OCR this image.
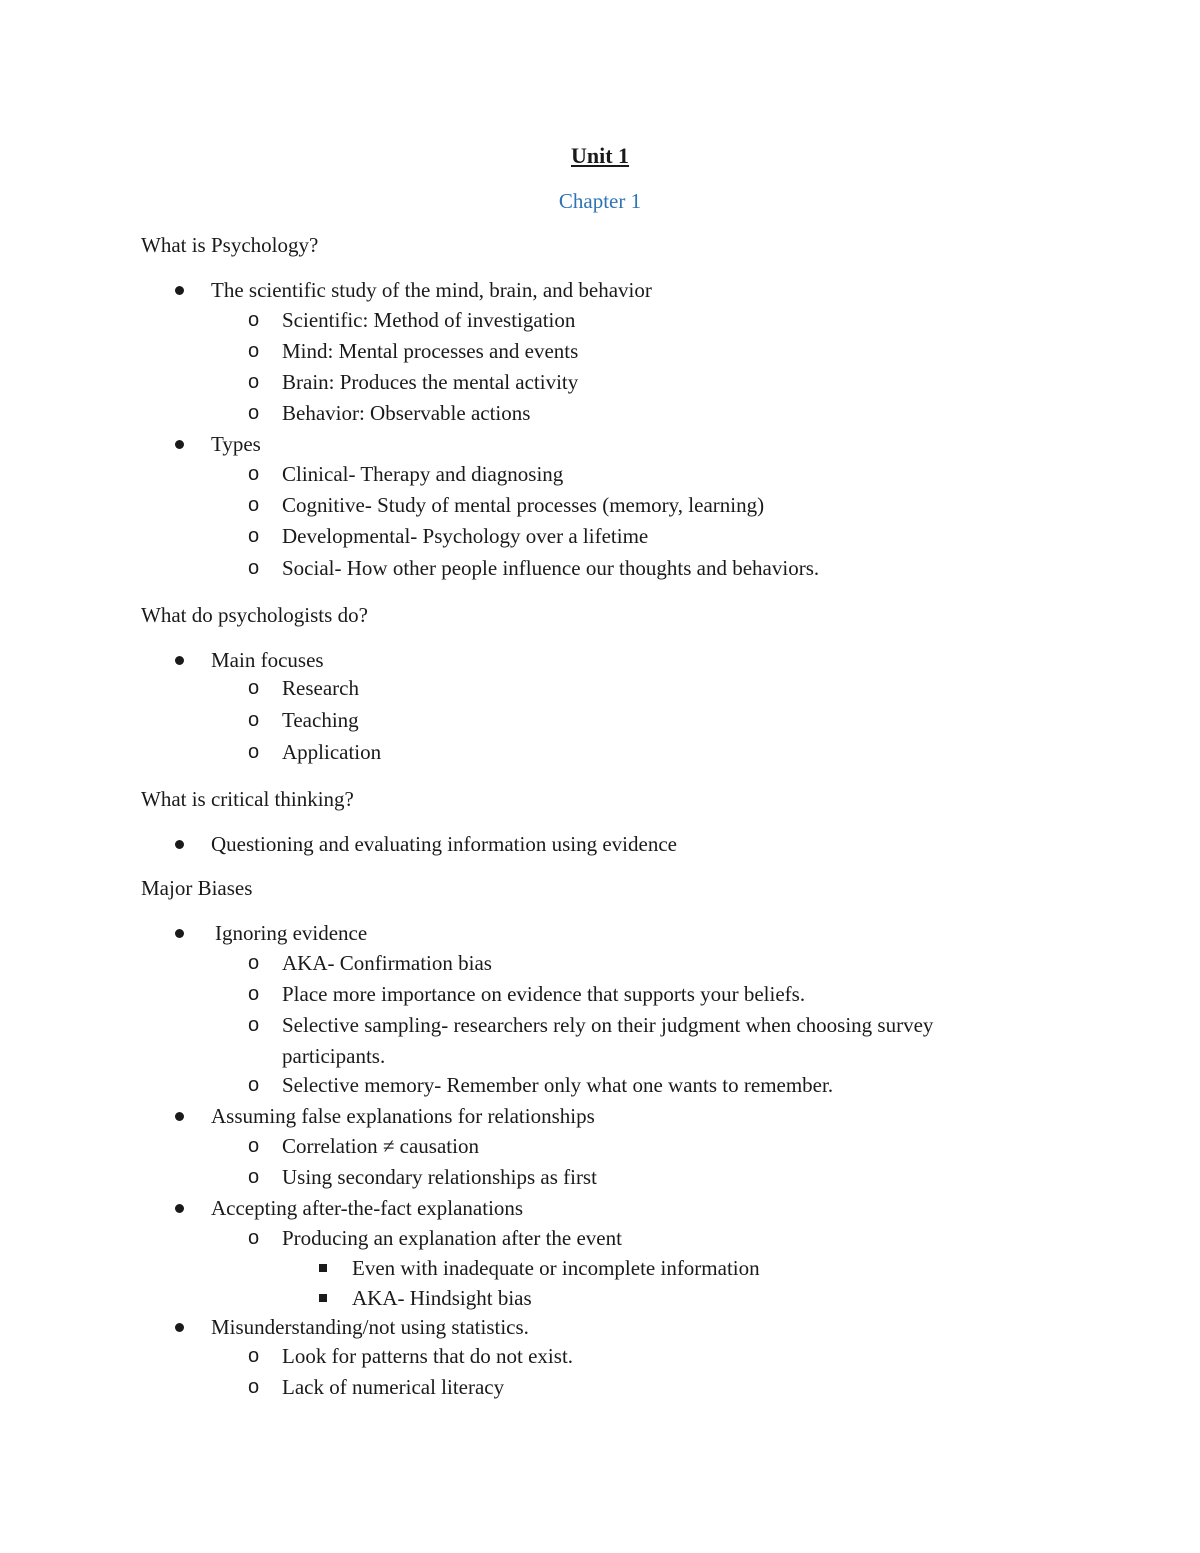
Unit 1
Chapter 1
What is Psychology?
The scientific study of the mind, brain, and behavior
o Scientific: Method of investigation
o Mind: Mental processes and events
o Brain: Produces the mental activity
o Behavior: Observable actions
Types
o Clinical- Therapy and diagnosing
o Cognitive- Study of mental processes (memory, learning)
o Developmental- Psychology over a lifetime
o Social- How other people influence our thoughts and behaviors.
What do psychologists do?
Main focuses
o Research
o Teaching
o Application
What is critical thinking?
Questioning and evaluating information using evidence
Major Biases
Ignoring evidence
o AKA- Confirmation bias
o Place more importance on evidence that supports your beliefs.
o Selective sampling- researchers rely on their judgment when choosing survey
participants.
o Selective memory- Remember only what one wants to remember.
Assuming false explanations for relationships
o Correlation ≠ causation
o Using secondary relationships as first
Accepting after-the-fact explanations
o Producing an explanation after the event
Even with inadequate or incomplete information
AKA- Hindsight bias
Misunderstanding/not using statistics.
o Look for patterns that do not exist.
o Lack of numerical literacy
